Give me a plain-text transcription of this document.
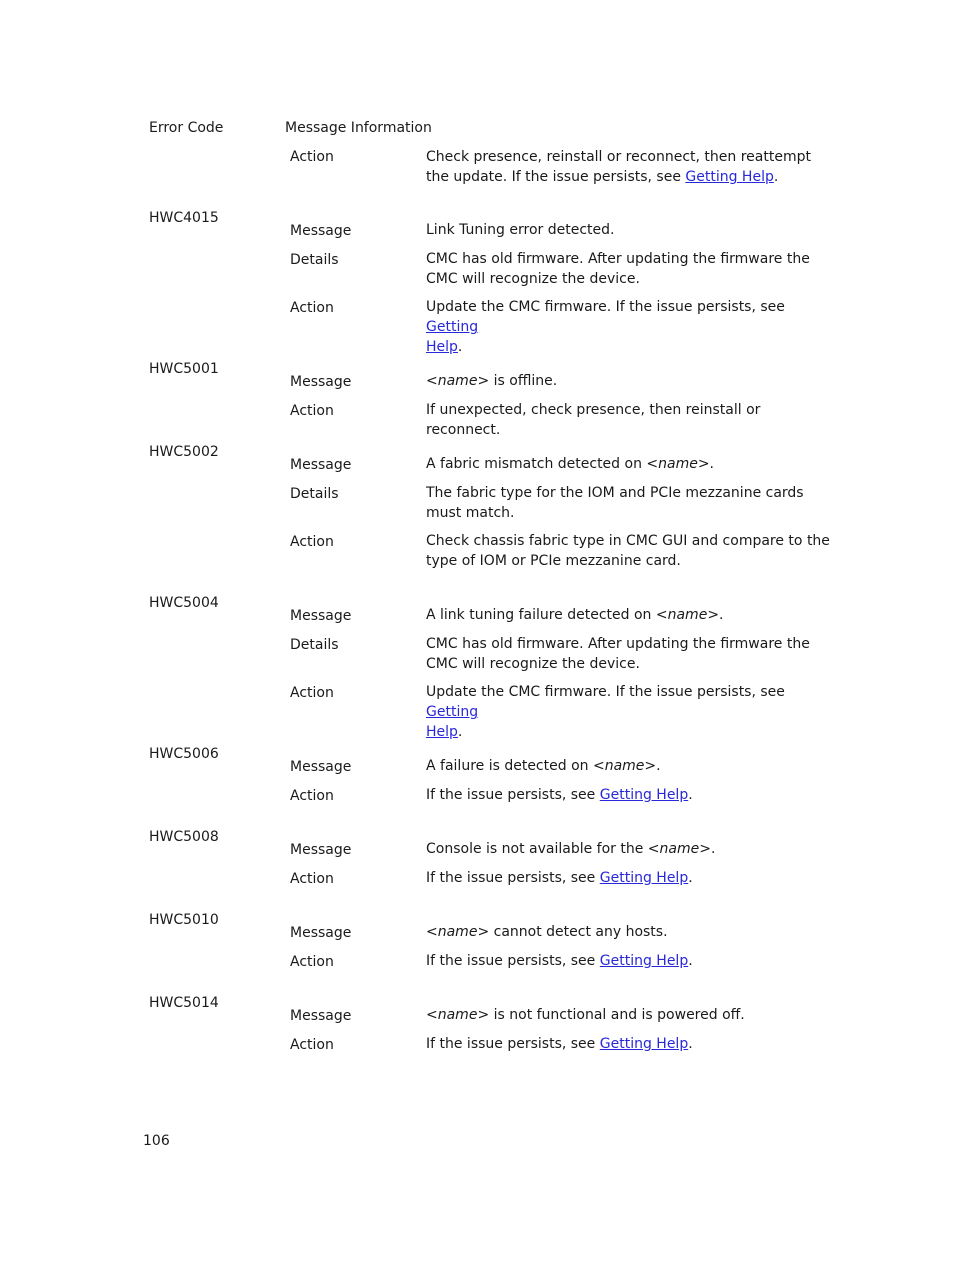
Error Code	Message Information
Action	Check presence, reinstall or reconnect, then reattempt the update. If the issue persists, see Getting Help.
HWC4015
Message	Link Tuning error detected.
Details	CMC has old firmware. After updating the firmware the CMC will recognize the device.
Action	Update the CMC firmware. If the issue persists, see Getting
Help.
HWC5001
Message	<name> is offline.
Action	If unexpected, check presence, then reinstall or reconnect.
HWC5002
Message	A fabric mismatch detected on <name>.
Details	The fabric type for the IOM and PCIe mezzanine cards must match.
Action	Check chassis fabric type in CMC GUI and compare to the type of IOM or PCIe mezzanine card.
HWC5004
Message	A link tuning failure detected on <name>.
Details	CMC has old firmware. After updating the firmware the CMC will recognize the device.
Action	Update the CMC firmware. If the issue persists, see Getting
Help.
HWC5006
Message	A failure is detected on <name>.
Action	If the issue persists, see Getting Help.
HWC5008
Message	Console is not available for the <name>.
Action	If the issue persists, see Getting Help.
HWC5010
Message	<name> cannot detect any hosts.
Action	If the issue persists, see Getting Help.
HWC5014
Message	<name> is not functional and is powered off.
Action	If the issue persists, see Getting Help.
106
